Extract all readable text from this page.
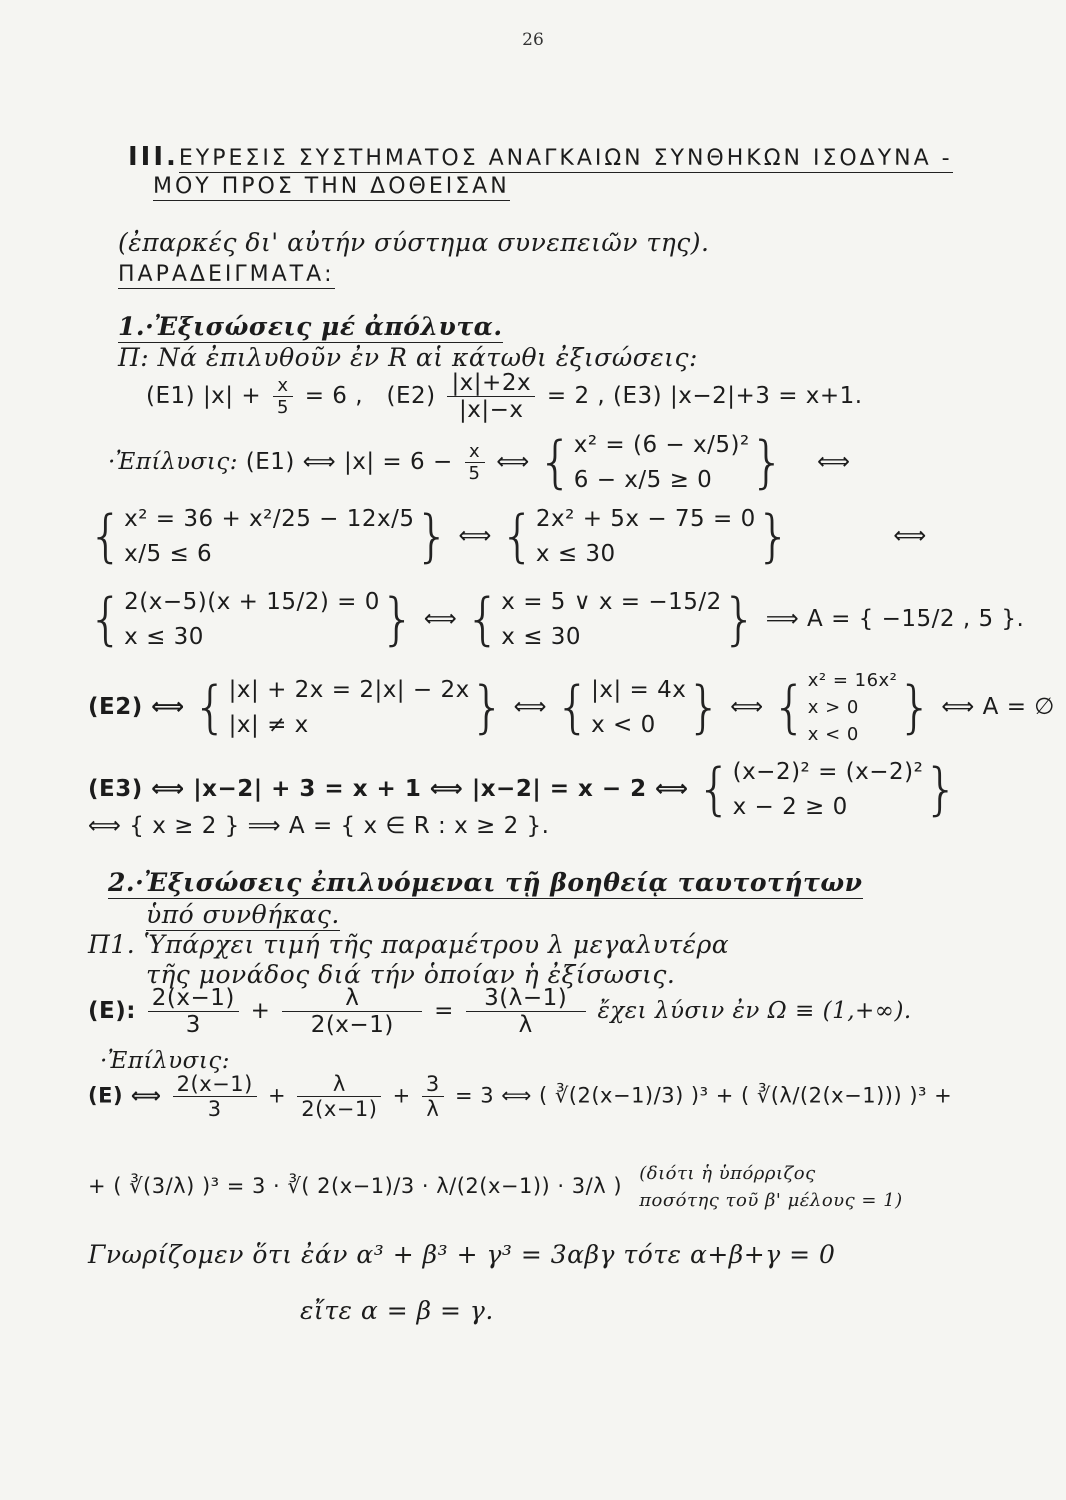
26
III.ΕΥΡΕΣΙΣ ΣΥΣΤΗΜΑΤΟΣ ΑΝΑΓΚΑΙΩΝ ΣΥΝΘΗΚΩΝ ΙΣΟΔΥΝΑ -
ΜΟΥ ΠΡΟΣ ΤΗΝ ΔΟΘΕΙΣΑΝ
(ἐπαρκές δι' αὐτήν σύστημα συνεπειῶν της).
ΠΑΡΑΔΕΙΓΜΑΤΑ:
1.·Ἐξισώσεις μέ ἀπόλυτα.
Π: Νά ἐπιλυθοῦν ἐν R αἱ κάτωθι ἐξισώσεις:
(Ε1) $|x| + \frac{x}{5} = 6$ , $(E2) \frac{|x|+2x}{|x|-x} = 2$ , (Ε3) |x−2|+3 = x+1.
·Ἐπίλυσις: (Ε1) ⟺ $|x| = 6 - \frac{x}{5}$ ⟺ { x² = (6 − x/5)²
6 − x/5 ≥ 0 } ⟺
{ x² = 36 + x²/25 − 12x/5
x/5 ≤ 6	} ⟺ { 2x² + 5x − 75 = 0
x ≤ 30	}	⟺
{ 2(x−5)(x + 15/2) = 0
x ≤ 30	} ⟺ { x = 5 ∨ x = −15/2
x ≤ 30	} ⟹ A = { −15/2 , 5 }.
(Ε2) ⟺ { |x| + 2x = 2|x| − 2x
|x| ≠ x	} ⟺ { |x| = 4x
x < 0 } ⟺ { x² = 16x²
x > 0
x < 0 } ⟺ A = ∅
(Ε3) ⟺ |x−2| + 3 = x + 1 ⟺ |x−2| = x − 2 ⟺ { (x−2)² = (x−2)²
x − 2 ≥ 0	}
⟺ { x ≥ 2 } ⟹ A = { x ∈ R : x ≥ 2 }.
2.·Ἐξισώσεις ἐπιλυόμεναι τῇ βοηθείᾳ ταυτοτήτων
ὑπό συνθήκας.
Π1. Ὑπάρχει τιμή τῆς παραμέτρου λ μεγαλυτέρα
τῆς μονάδος διά τήν ὁποίαν ἡ ἐξίσωσις.
(Ε): $\frac{2(x-1)}{3} + \frac{\lambda}{2(x-1)} = \frac{3(\lambda-1)}{\lambda}$ ἔχει λύσιν ἐν Ω ≡ (1,+∞).
·Ἐπίλυσις:
(Ε) ⟺ $\frac{2(x-1)}{3} + \frac{\lambda}{2(x-1)} + \frac{3}{\lambda} = 3$ ⟺ ( ∛(2(x−1)/3) )³ + ( ∛(λ/(2(x−1))) )³ +
+ ( ∛(3/λ) )³ = 3 · ∛( 2(x−1)/3 · λ/(2(x−1)) · 3/λ )
(διότι ἡ ὑπόρριζος
ποσότης τοῦ β' μέλους = 1)
Γνωρίζομεν ὅτι ἐάν α³ + β³ + γ³ = 3αβγ τότε α+β+γ = 0
εἴτε α = β = γ.
